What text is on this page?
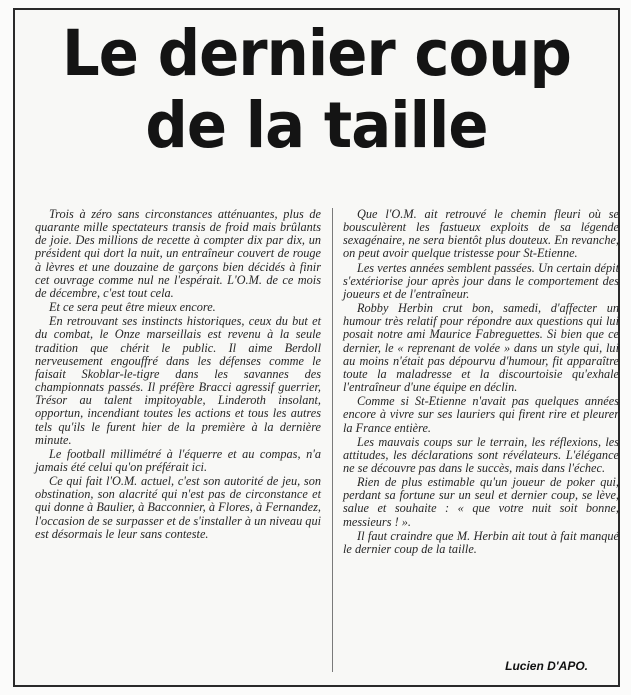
Le dernier coup
de la taille

Trois à zéro sans circonstances atténuantes, plus de quarante mille spectateurs transis de froid mais brûlants de joie. Des millions de recette à compter dix par dix, un président qui dort la nuit, un entraîneur couvert de rouge à lèvres et une douzaine de garçons bien décidés à finir cet ouvrage comme nul ne l'espérait. L'O.M. de ce mois de décembre, c'est tout cela.

Et ce sera peut être mieux encore.

En retrouvant ses instincts historiques, ceux du but et du combat, le Onze marseillais est revenu à la seule tradition que chérit le public. Il aime Berdoll nerveusement engouffré dans les défenses comme le faisait Skoblar-le-tigre dans les savannes des championnats passés. Il préfère Bracci agressif guerrier, Trésor au talent impitoyable, Linderoth insolant, opportun, incendiant toutes les actions et tous les autres tels qu'ils le furent hier de la première à la dernière minute.

Le football millimétré à l'équerre et au compas, n'a jamais été celui qu'on préférait ici.

Ce qui fait l'O.M. actuel, c'est son autorité de jeu, son obstination, son alacrité qui n'est pas de circonstance et qui donne à Baulier, à Bacconnier, à Flores, à Fernandez, l'occasion de se surpasser et de s'installer à un niveau qui est désormais le leur sans conteste.

Que l'O.M. ait retrouvé le chemin fleuri où se bousculèrent les fastueux exploits de sa légende sexagénaire, ne sera bientôt plus douteux. En revanche, on peut avoir quelque tristesse pour St-Etienne.

Les vertes années semblent passées. Un certain dépit s'extériorise jour après jour dans le comportement des joueurs et de l'entraîneur.

Robby Herbin crut bon, samedi, d'affecter un humour très relatif pour répondre aux questions qui lui posait notre ami Maurice Fabreguettes. Si bien que ce dernier, le « reprenant de volée » dans un style qui, lui au moins n'était pas dépourvu d'humour, fit apparaître toute la maladresse et la discourtoisie qu'exhale l'entraîneur d'une équipe en déclin.

Comme si St-Etienne n'avait pas quelques années encore à vivre sur ses lauriers qui firent rire et pleurer la France entière.

Les mauvais coups sur le terrain, les réflexions, les attitudes, les déclarations sont révélateurs. L'élégance ne se découvre pas dans le succès, mais dans l'échec.

Rien de plus estimable qu'un joueur de poker qui, perdant sa fortune sur un seul et dernier coup, se lève, salue et souhaite : « que votre nuit soit bonne, messieurs ! ».

Il faut craindre que M. Herbin ait tout à fait manqué le dernier coup de la taille.

Lucien D'APO.
